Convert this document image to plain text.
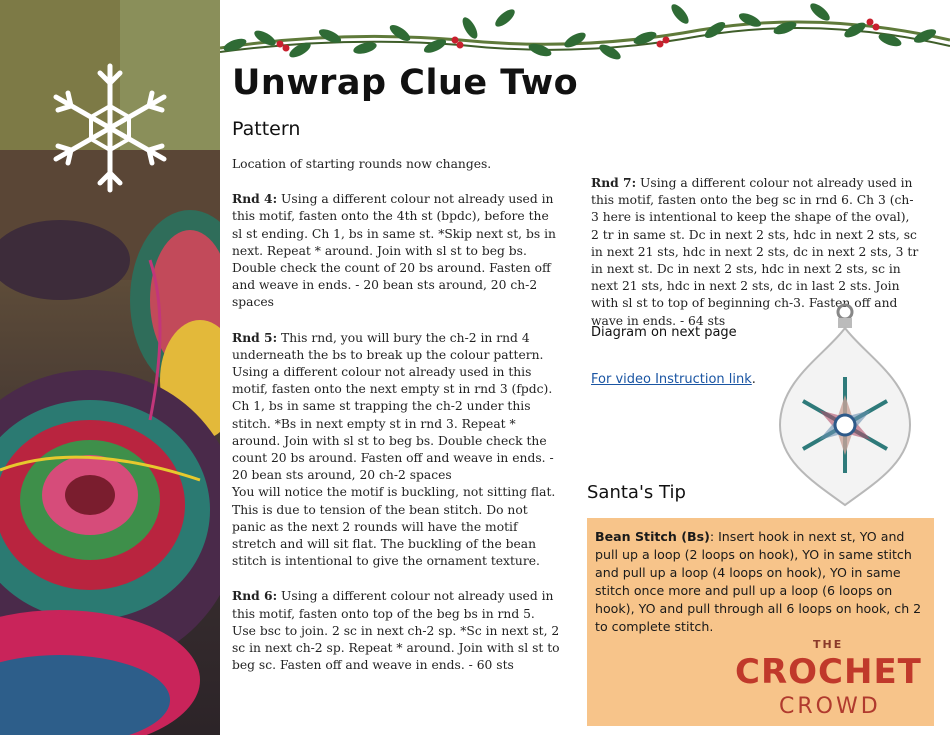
Unwrap Clue Two
Pattern

Location of starting rounds now changes.

Rnd 4: Using a different colour not already used in this motif, fasten onto the 4th st (bpdc), before the sl st ending. Ch 1, bs in same st. *Skip next st, bs in next. Repeat * around. Join with sl st to beg bs. Double check the count of 20 bs around. Fasten off and weave in ends. - 20 bean sts around, 20 ch-2 spaces

Rnd 5: This rnd, you will bury the ch-2 in rnd 4 underneath the bs to break up the colour pattern. Using a different colour not already used in this motif, fasten onto the next empty st in rnd 3 (fpdc). Ch 1, bs in same st trapping the ch-2 under this stitch. *Bs in next empty st in rnd 3. Repeat * around. Join with sl st to beg bs. Double check the count 20 bs around. Fasten off and weave in ends. - 20 bean sts around, 20 ch-2 spaces

You will notice the motif is buckling, not sitting flat. This is due to tension of the bean stitch. Do not panic as the next 2 rounds will have the motif stretch and will sit flat. The buckling of the bean stitch is intentional to give the ornament texture.

Rnd 6: Using a different colour not already used in this motif, fasten onto top of the beg bs in rnd 5. Use bsc to join. 2 sc in next ch-2 sp. *Sc in next st, 2 sc in next ch-2 sp. Repeat * around. Join with sl st to beg sc. Fasten off and weave in ends. - 60 sts

Rnd 7: Using a different colour not already used in this motif, fasten onto the beg sc in rnd 6. Ch 3 (ch-3 here is intentional to keep the shape of the oval), 2 tr in same st. Dc in next 2 sts, hdc in next 2 sts, sc in next 21 sts, hdc in next 2 sts, dc in next 2 sts, 3 tr in next st. Dc in next 2 sts, hdc in next 2 sts, sc in next 21 sts, hdc in next 2 sts, dc in last 2 sts. Join with sl st to top of beginning ch-3. Fasten off and wave in ends. - 64 sts

Diagram on next page
For video Instruction link.
Santa's Tip
Bean Stitch (Bs): Insert hook in next st, YO and pull up a loop (2 loops on hook), YO in same stitch and pull up a loop (4 loops on hook), YO in same stitch once more and pull up a loop (6 loops on hook), YO and pull through all 6 loops on hook, ch 2 to complete stitch.
THE
CROCHET
CROWD
